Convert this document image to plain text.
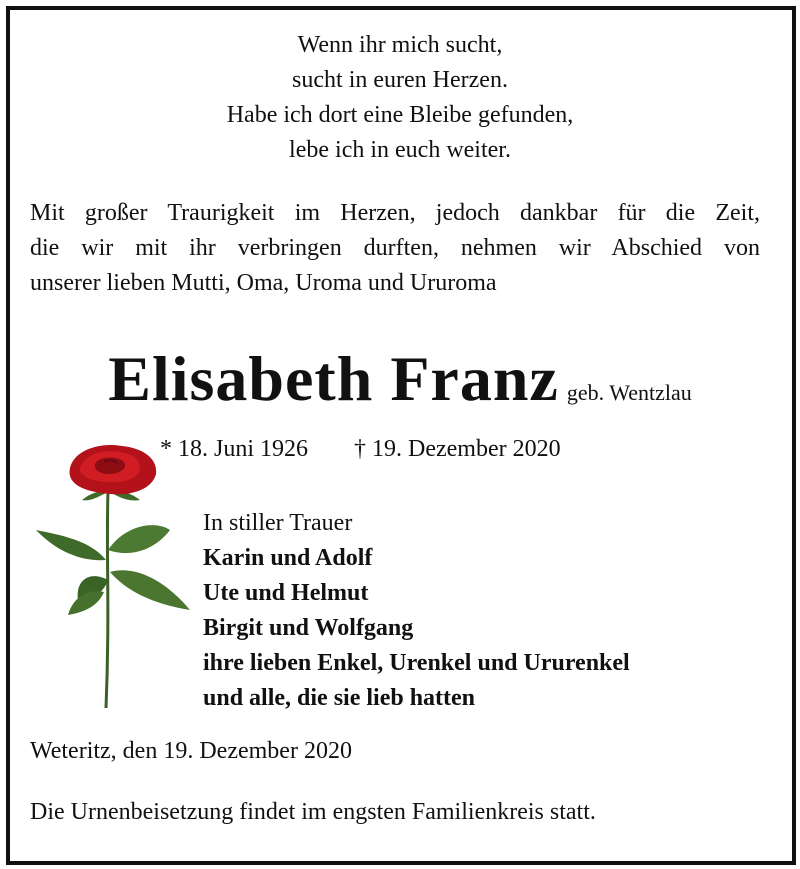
Wenn ihr mich sucht,
sucht in euren Herzen.
Habe ich dort eine Bleibe gefunden,
lebe ich in euch weiter.
Mit großer Traurigkeit im Herzen, jedoch dankbar für die Zeit,
die wir mit ihr verbringen durften, nehmen wir Abschied von
unserer lieben Mutti, Oma, Uroma und Ururoma
Elisabeth Franz geb. Wentzlau
* 18. Juni 1926 † 19. Dezember 2020
In stiller Trauer
Karin und Adolf
Ute und Helmut
Birgit und Wolfgang
ihre lieben Enkel, Urenkel und Ururenkel
und alle, die sie lieb hatten
Weteritz, den 19. Dezember 2020
Die Urnenbeisetzung findet im engsten Familienkreis statt.
